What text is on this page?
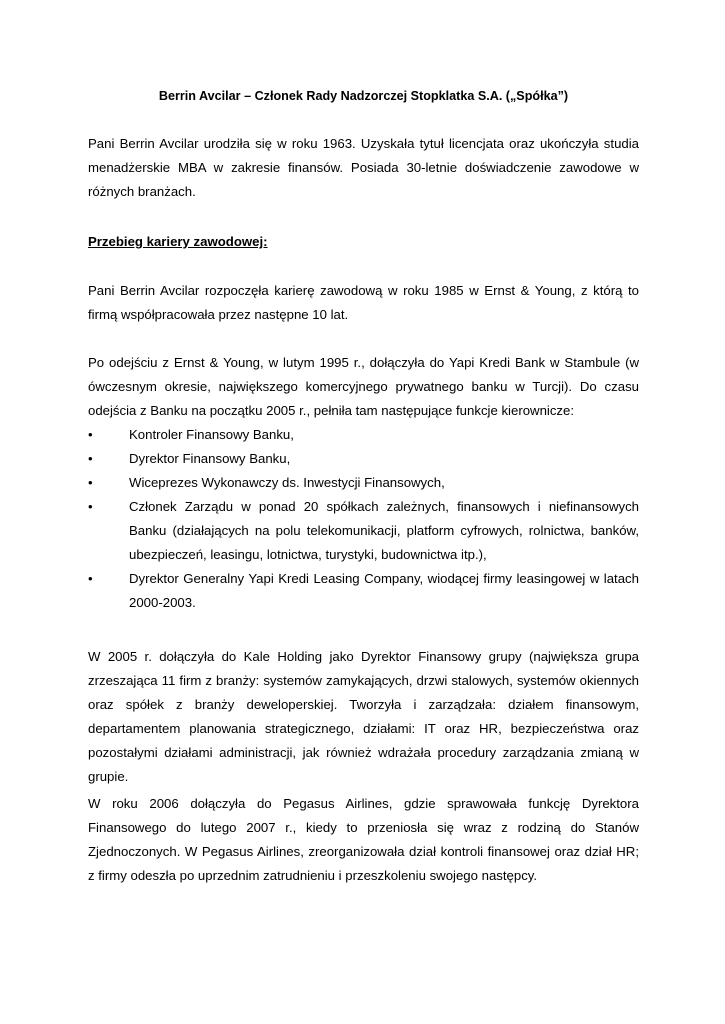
Berrin Avcilar – Członek Rady Nadzorczej Stopklatka S.A. („Spółka”)

Pani Berrin Avcilar urodziła się w roku 1963. Uzyskała tytuł licencjata oraz ukończyła studia menadżerskie MBA w zakresie finansów. Posiada 30-letnie doświadczenie zawodowe w różnych branżach.

Przebieg kariery zawodowej:

Pani Berrin Avcilar rozpoczęła karierę zawodową w roku 1985 w Ernst & Young, z którą to firmą współpracowała przez następne 10 lat.

Po odejściu z Ernst & Young, w lutym 1995 r., dołączyła do Yapi Kredi Bank w Stambule (w ówczesnym okresie, największego komercyjnego prywatnego banku w Turcji). Do czasu odejścia z Banku na początku 2005 r., pełniła tam następujące funkcje kierownicze:

•	Kontroler Finansowy Banku,
•	Dyrektor Finansowy Banku,
•	Wiceprezes Wykonawczy ds. Inwestycji Finansowych,
•	Członek Zarządu w ponad 20 spółkach zależnych, finansowych i niefinansowych Banku (działających na polu telekomunikacji, platform cyfrowych, rolnictwa, banków, ubezpieczeń, leasingu, lotnictwa, turystyki, budownictwa itp.),
•	Dyrektor Generalny Yapi Kredi Leasing Company, wiodącej firmy leasingowej w latach 2000-2003.

W 2005 r. dołączyła do Kale Holding jako Dyrektor Finansowy grupy (największa grupa zrzeszająca 11 firm z branży: systemów zamykających, drzwi stalowych, systemów okiennych oraz spółek z branży deweloperskiej. Tworzyła i zarządzała: działem finansowym, departamentem planowania strategicznego, działami: IT oraz HR, bezpieczeństwa oraz pozostałymi działami administracji, jak również wdrażała procedury zarządzania zmianą w grupie.

W roku 2006 dołączyła do Pegasus Airlines, gdzie sprawowała funkcję Dyrektora Finansowego do lutego 2007 r., kiedy to przeniosła się wraz z rodziną do Stanów Zjednoczonych. W Pegasus Airlines, zreorganizowała dział kontroli finansowej oraz dział HR; z firmy odeszła po uprzednim zatrudnieniu i przeszkoleniu swojego następcy.
